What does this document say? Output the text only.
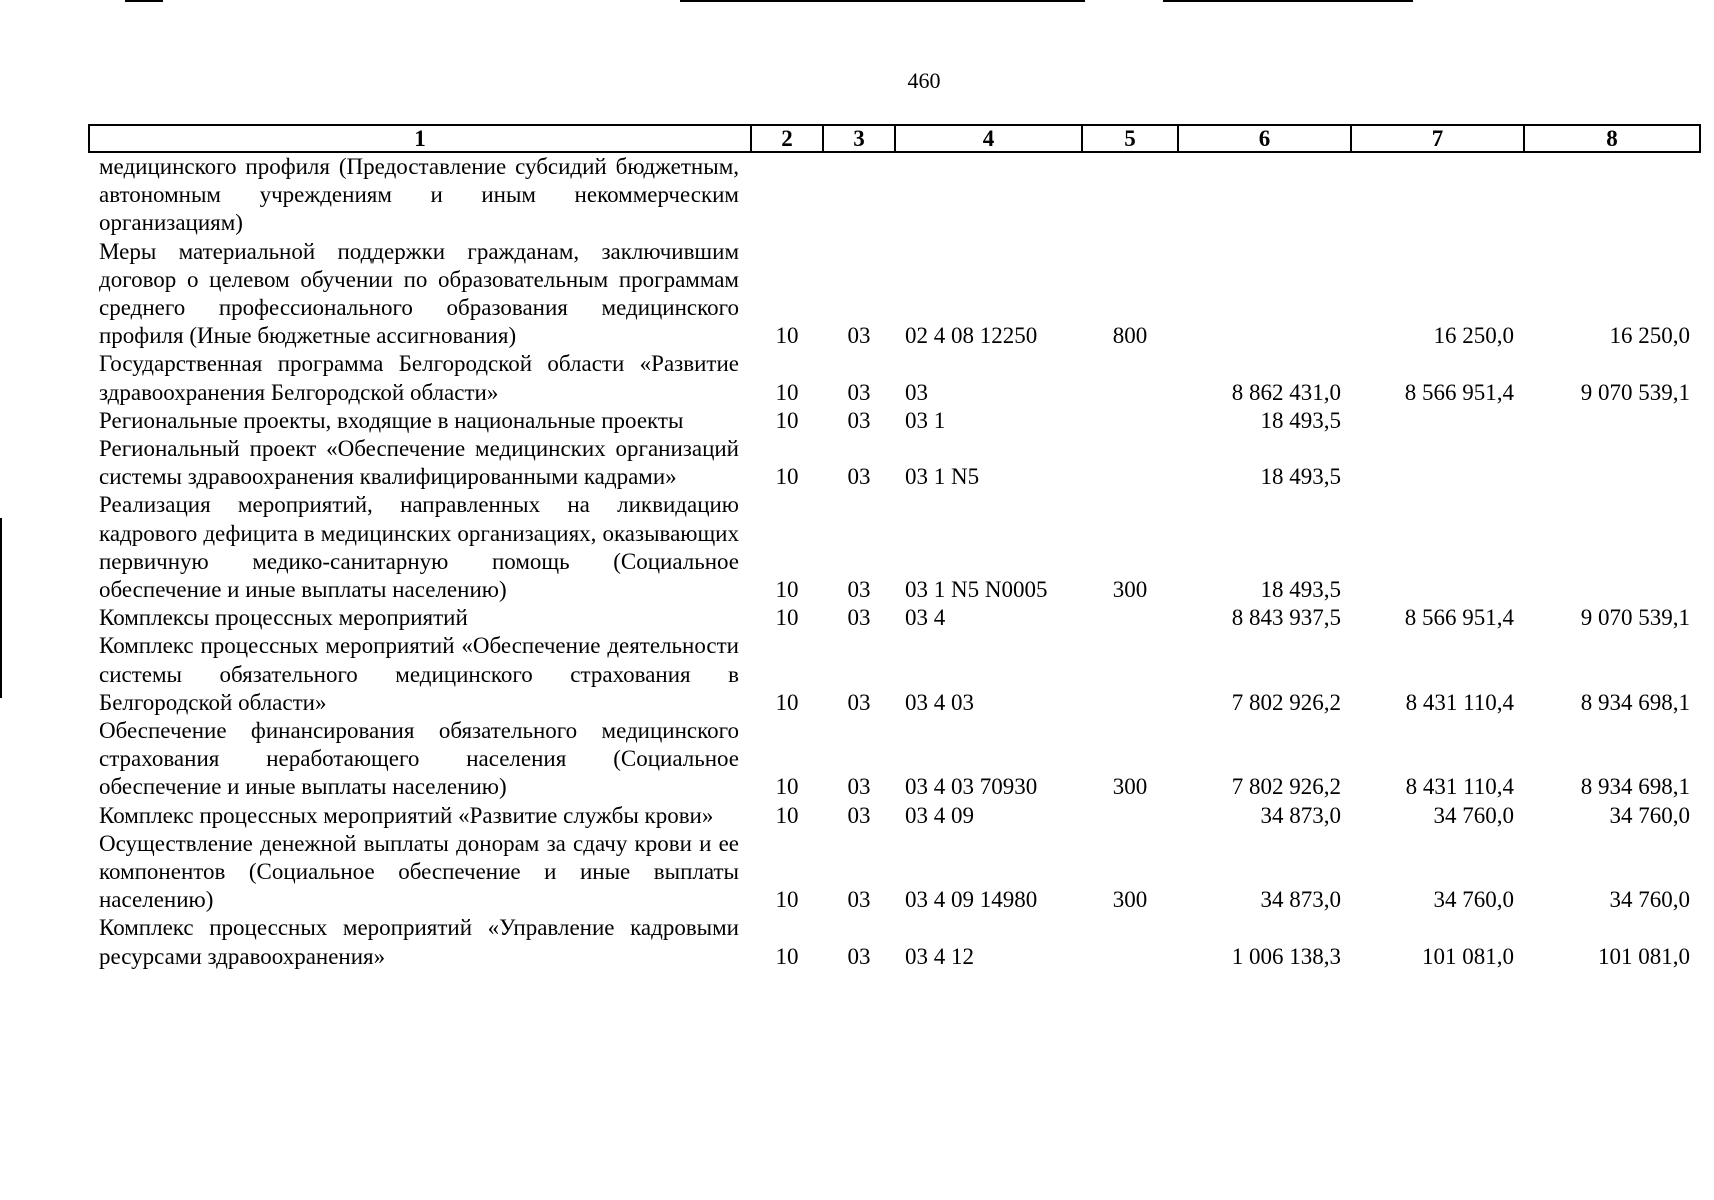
460
1	2	3	4	5	6	7	8
медицинского профиля (Предоставление субсидий бюджетным, автономным учреждениям и иным некоммерческим организациям)							
Меры материальной поддержки гражданам, заключившим договор о целевом обучении по образовательным программам среднего профессионального образования медицинского профиля (Иные бюджетные ассигнования)	10	03	02 4 08 12250	800		16 250,0	16 250,0
Государственная программа Белгородской области «Развитие здравоохранения Белгородской области»	10	03	03		8 862 431,0	8 566 951,4	9 070 539,1
Региональные проекты, входящие в национальные проекты	10	03	03 1		18 493,5		
Региональный проект «Обеспечение медицинских организаций системы здравоохранения квалифицированными кадрами»	10	03	03 1 N5		18 493,5		
Реализация мероприятий, направленных на ликвидацию кадрового дефицита в медицинских организациях, оказывающих первичную медико-санитарную помощь (Социальное обеспечение и иные выплаты населению)	10	03	03 1 N5 N0005	300	18 493,5		
Комплексы процессных мероприятий	10	03	03 4		8 843 937,5	8 566 951,4	9 070 539,1
Комплекс процессных мероприятий «Обеспечение деятельности системы обязательного медицинского страхования в Белгородской области»	10	03	03 4 03		7 802 926,2	8 431 110,4	8 934 698,1
Обеспечение финансирования обязательного медицинского страхования неработающего населения (Социальное обеспечение и иные выплаты населению)	10	03	03 4 03 70930	300	7 802 926,2	8 431 110,4	8 934 698,1
Комплекс процессных мероприятий «Развитие службы крови»	10	03	03 4 09		34 873,0	34 760,0	34 760,0
Осуществление денежной выплаты донорам за сдачу крови и ее компонентов (Социальное обеспечение и иные выплаты населению)	10	03	03 4 09 14980	300	34 873,0	34 760,0	34 760,0
Комплекс процессных мероприятий «Управление кадровыми ресурсами здравоохранения»	10	03	03 4 12		1 006 138,3	101 081,0	101 081,0
